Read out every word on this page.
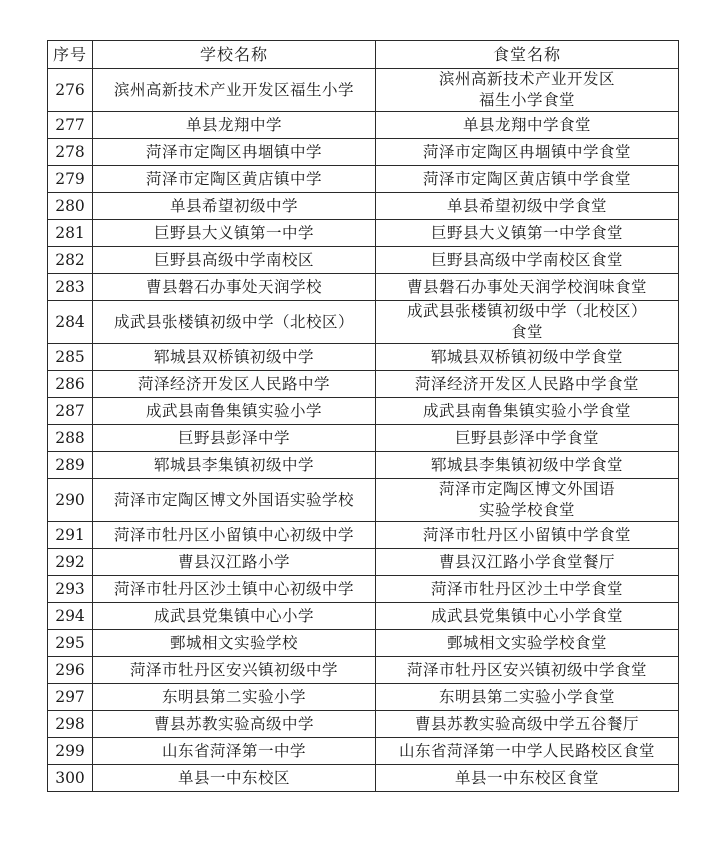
序号	学校名称	食堂名称
276	滨州高新技术产业开发区福生小学	滨州高新技术产业开发区
福生小学食堂
277	单县龙翔中学	单县龙翔中学食堂
278	菏泽市定陶区冉堌镇中学	菏泽市定陶区冉堌镇中学食堂
279	菏泽市定陶区黄店镇中学	菏泽市定陶区黄店镇中学食堂
280	单县希望初级中学	单县希望初级中学食堂
281	巨野县大义镇第一中学	巨野县大义镇第一中学食堂
282	巨野县高级中学南校区	巨野县高级中学南校区食堂
283	曹县磐石办事处天润学校	曹县磐石办事处天润学校润味食堂
284	成武县张楼镇初级中学（北校区）	成武县张楼镇初级中学（北校区）
食堂
285	郓城县双桥镇初级中学	郓城县双桥镇初级中学食堂
286	菏泽经济开发区人民路中学	菏泽经济开发区人民路中学食堂
287	成武县南鲁集镇实验小学	成武县南鲁集镇实验小学食堂
288	巨野县彭泽中学	巨野县彭泽中学食堂
289	郓城县李集镇初级中学	郓城县李集镇初级中学食堂
290	菏泽市定陶区博文外国语实验学校	菏泽市定陶区博文外国语
实验学校食堂
291	菏泽市牡丹区小留镇中心初级中学	菏泽市牡丹区小留镇中学食堂
292	曹县汉江路小学	曹县汉江路小学食堂餐厅
293	菏泽市牡丹区沙土镇中心初级中学	菏泽市牡丹区沙土中学食堂
294	成武县党集镇中心小学	成武县党集镇中心小学食堂
295	鄄城相文实验学校	鄄城相文实验学校食堂
296	菏泽市牡丹区安兴镇初级中学	菏泽市牡丹区安兴镇初级中学食堂
297	东明县第二实验小学	东明县第二实验小学食堂
298	曹县苏教实验高级中学	曹县苏教实验高级中学五谷餐厅
299	山东省菏泽第一中学	山东省菏泽第一中学人民路校区食堂
300	单县一中东校区	单县一中东校区食堂
